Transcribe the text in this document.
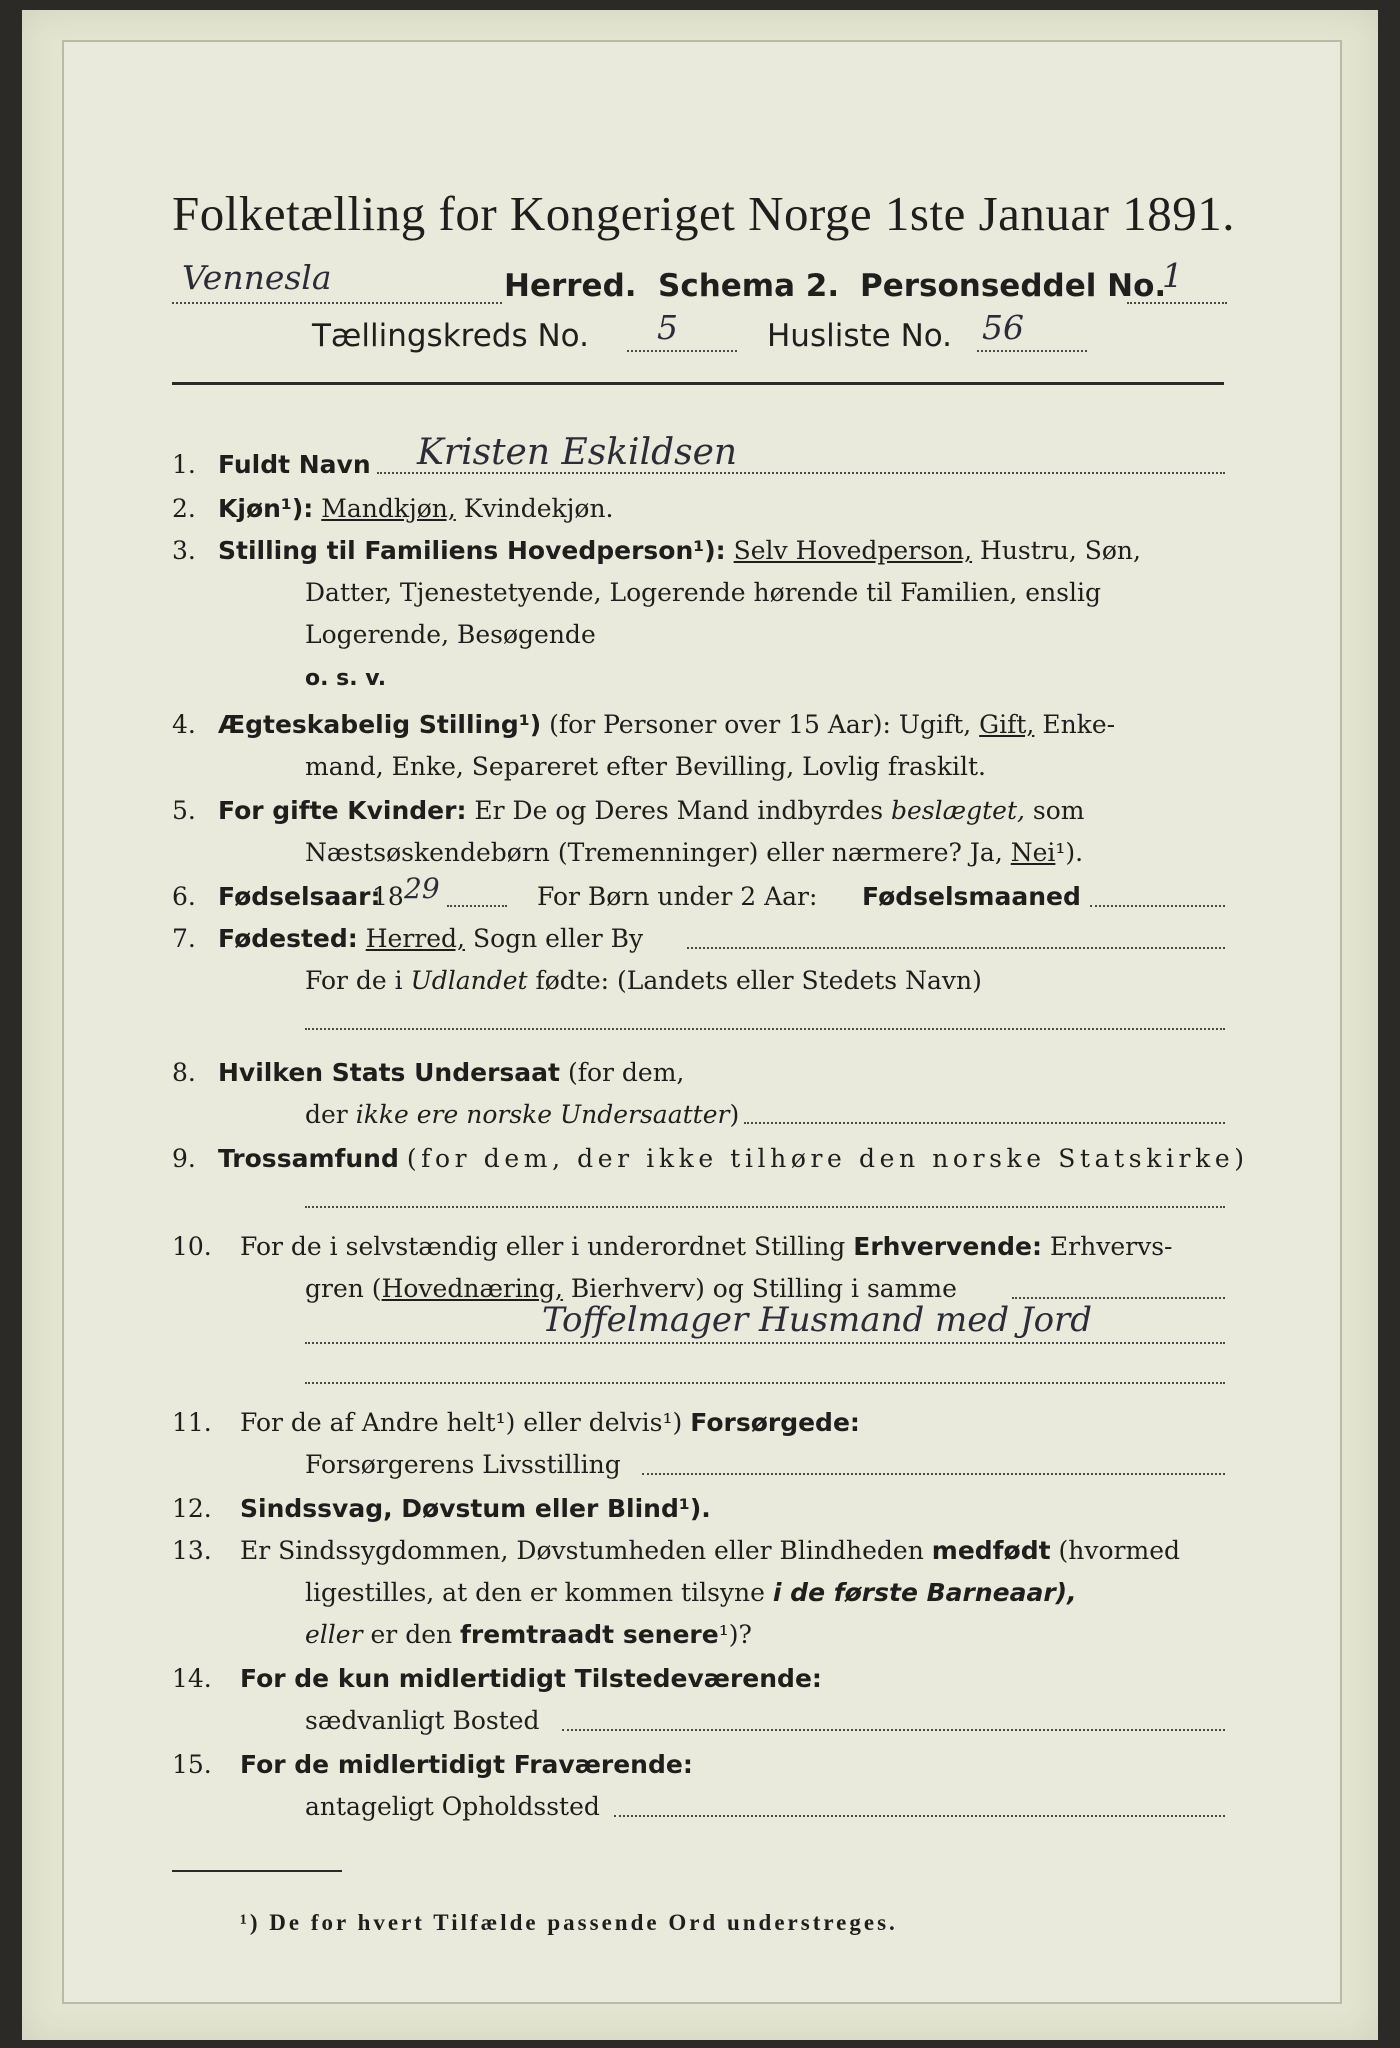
Folketælling for Kongeriget Norge 1ste Januar 1891.
Vennesla	Herred. Schema 2. Personseddel No.
1
Tællingskreds No. 5	Husliste No. 56
1. Fuldt Navn Kristen Eskildsen
2. Kjøn¹): Mandkjøn, Kvindekjøn.
3. Stilling til Familiens Hovedperson¹): Selv Hovedperson, Hustru, Søn,
Datter, Tjenestetyende, Logerende hørende til Familien, enslig
Logerende, Besøgende
o. s. v.
4. Ægteskabelig Stilling¹) (for Personer over 15 Aar): Ugift, Gift, Enke-
mand, Enke, Separeret efter Bevilling, Lovlig fraskilt.
5. For gifte Kvinder: Er De og Deres Mand indbyrdes beslægtet, som
Næstsøskendebørn (Tremenninger) eller nærmere? Ja, Nei¹).
6. Fødselsaar:
18 29	For Børn under 2 Aar: Fødselsmaaned
7. Fødested: Herred, Sogn eller By
For de i Udlandet fødte: (Landets eller Stedets Navn)
8. Hvilken Stats Undersaat (for dem,
der ikke ere norske Undersaatter)
9. Trossamfund (for dem, der ikke tilhøre den norske Statskirke)
10. For de i selvstændig eller i underordnet Stilling Erhvervende: Erhvervs-
gren (Hovednæring, Bierhverv) og Stilling i samme
Toffelmager Husmand med Jord
11. For de af Andre helt¹) eller delvis¹) Forsørgede:
Forsørgerens Livsstilling
12. Sindssvag, Døvstum eller Blind¹).
13. Er Sindssygdommen, Døvstumheden eller Blindheden medfødt (hvormed
ligestilles, at den er kommen tilsyne i de første Barneaar),
eller er den fremtraadt senere¹)?
14. For de kun midlertidigt Tilstedeværende:
sædvanligt Bosted
15. For de midlertidigt Fraværende:
antageligt Opholdssted
¹) De for hvert Tilfælde passende Ord understreges.
